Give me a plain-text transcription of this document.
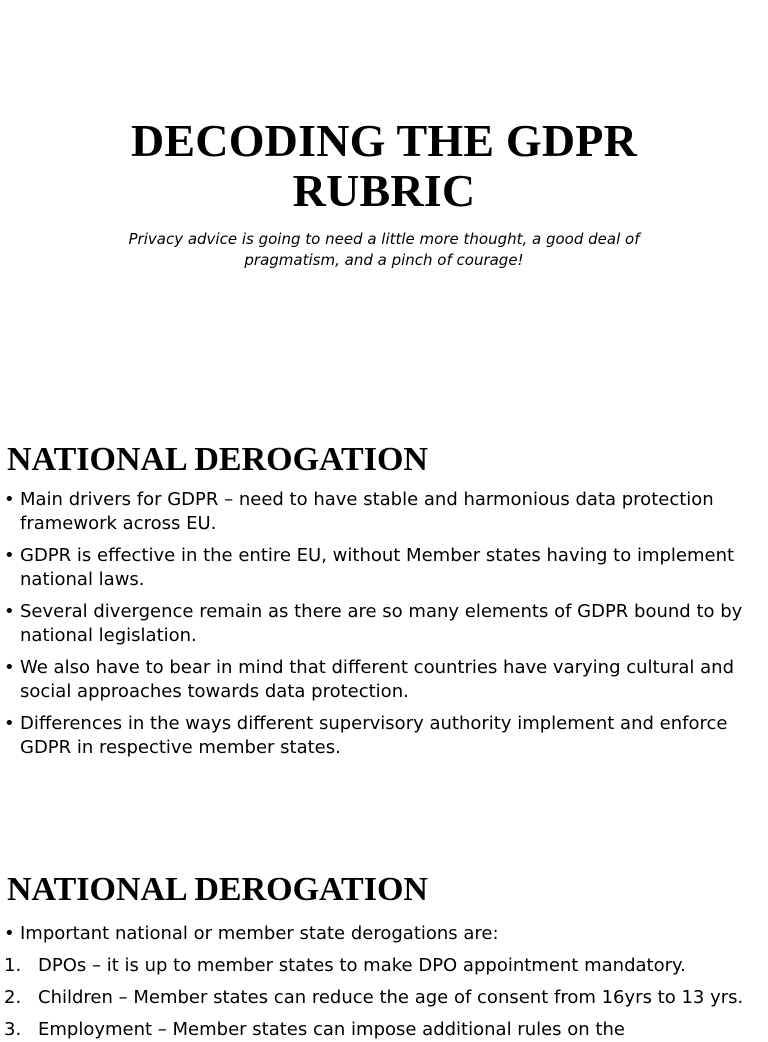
DECODING THE GDPR
RUBRIC
Privacy advice is going to need a little more thought, a good deal of pragmatism, and a pinch of courage!
NATIONAL DEROGATION
• Main drivers for GDPR – need to have stable and harmonious data protection framework across EU.
• GDPR is effective in the entire EU, without Member states having to implement national laws.
• Several divergence remain as there are so many elements of GDPR bound to by national legislation.
• We also have to bear in mind that different countries have varying cultural and social approaches towards data protection.
• Differences in the ways different supervisory authority implement and enforce GDPR in respective member states.
NATIONAL DEROGATION
• Important national or member state derogations are:
1. DPOs – it is up to member states to make DPO appointment mandatory.
2. Children – Member states can reduce the age of consent from 16yrs to 13 yrs.
3. Employment – Member states can impose additional rules on the
